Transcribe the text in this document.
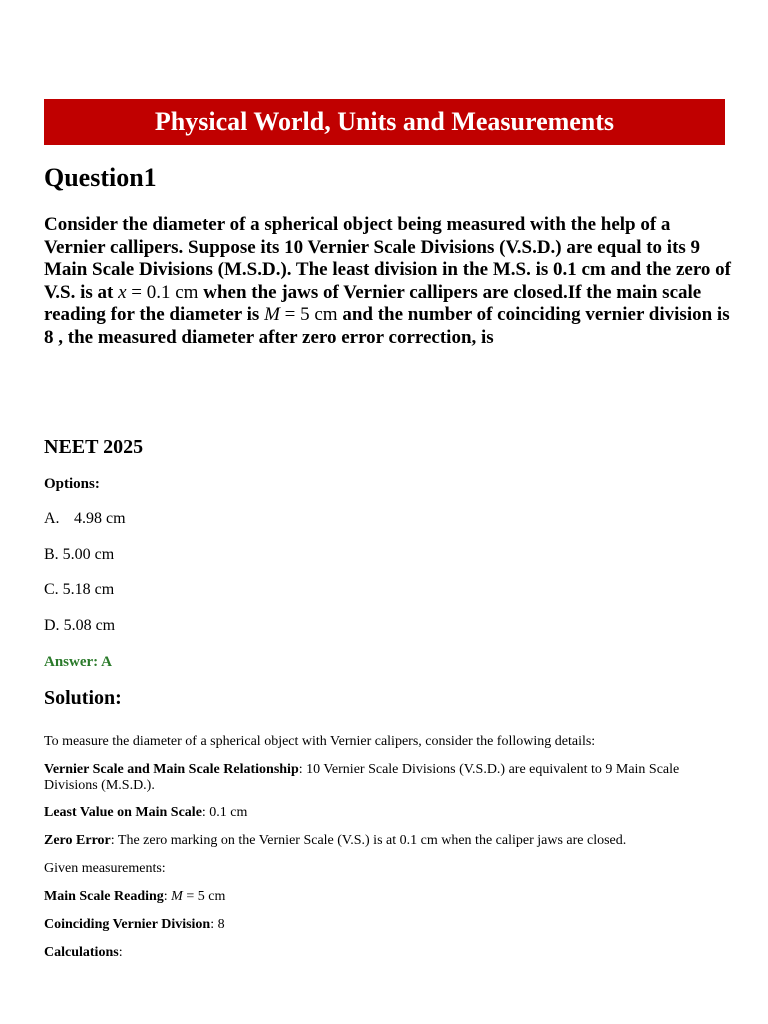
Physical World, Units and Measurements
Question1

Consider the diameter of a spherical object being measured with the help of a Vernier callipers. Suppose its 10 Vernier Scale Divisions (V.S.D.) are equal to its 9 Main Scale Divisions (M.S.D.). The least division in the M.S. is 0.1 cm and the zero of V.S. is at x = 0.1 cm when the jaws of Vernier callipers are closed.If the main scale reading for the diameter is M = 5 cm and the number of coinciding vernier division is 8 , the measured diameter after zero error correction, is

NEET 2025
Options:
A. 4.98 cm
B. 5.00 cm
C. 5.18 cm
D. 5.08 cm
Answer: A
Solution:
To measure the diameter of a spherical object with Vernier calipers, consider the following details:
Vernier Scale and Main Scale Relationship: 10 Vernier Scale Divisions (V.S.D.) are equivalent to 9 Main Scale Divisions (M.S.D.).
Least Value on Main Scale: 0.1 cm
Zero Error: The zero marking on the Vernier Scale (V.S.) is at 0.1 cm when the caliper jaws are closed.
Given measurements:
Main Scale Reading: M = 5 cm
Coinciding Vernier Division: 8
Calculations:
